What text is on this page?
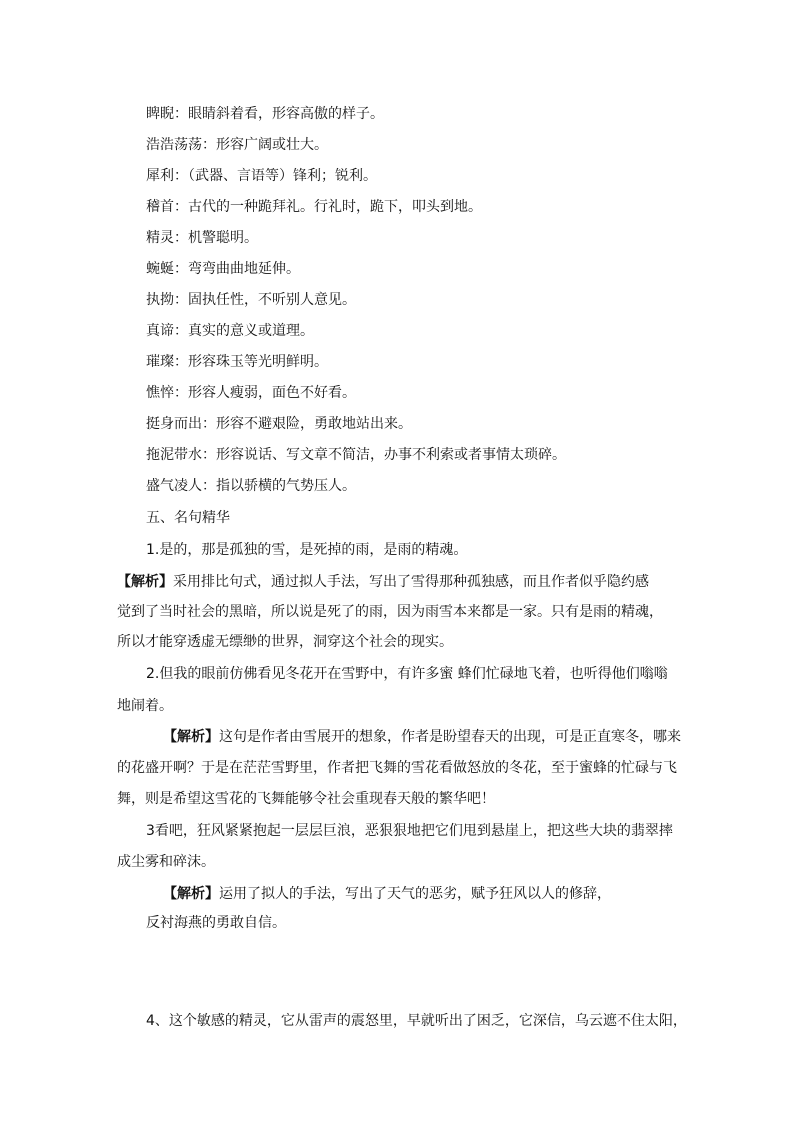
睥睨：眼睛斜着看，形容高傲的样子。
浩浩荡荡：形容广阔或壮大。
犀利：（武器、言语等）锋利；锐利。
稽首：古代的一种跪拜礼。行礼时，跪下，叩头到地。
精灵：机警聪明。
蜿蜒：弯弯曲曲地延伸。
执拗：固执任性，不听别人意见。
真谛：真实的意义或道理。
璀璨：形容珠玉等光明鲜明。
憔悴：形容人瘦弱，面色不好看。
挺身而出：形容不避艰险，勇敢地站出来。
拖泥带水：形容说话、写文章不简洁，办事不利索或者事情太琐碎。
盛气凌人：指以骄横的气势压人。
五、名句精华
1.是的，那是孤独的雪，是死掉的雨，是雨的精魂。
【解析】采用排比句式，通过拟人手法，写出了雪得那种孤独感，而且作者似乎隐约感
觉到了当时社会的黑暗，所以说是死了的雨，因为雨雪本来都是一家。只有是雨的精魂，
所以才能穿透虚无缥缈的世界，洞穿这个社会的现实。
2.但我的眼前仿佛看见冬花开在雪野中，有许多蜜 蜂们忙碌地飞着，也听得他们嗡嗡
地闹着。
【解析】这句是作者由雪展开的想象，作者是盼望春天的出现，可是正直寒冬，哪来
的花盛开啊？于是在茫茫雪野里，作者把飞舞的雪花看做怒放的冬花，至于蜜蜂的忙碌与飞
舞，则是希望这雪花的飞舞能够令社会重现春天般的繁华吧！
3看吧，狂风紧紧抱起一层层巨浪，恶狠狠地把它们甩到悬崖上，把这些大块的翡翠摔
成尘雾和碎沫。
【解析】运用了拟人的手法，写出了天气的恶劣，赋予狂风以人的修辞，
反衬海燕的勇敢自信。
4、这个敏感的精灵，它从雷声的震怒里，早就听出了困乏，它深信，乌云遮不住太阳，
